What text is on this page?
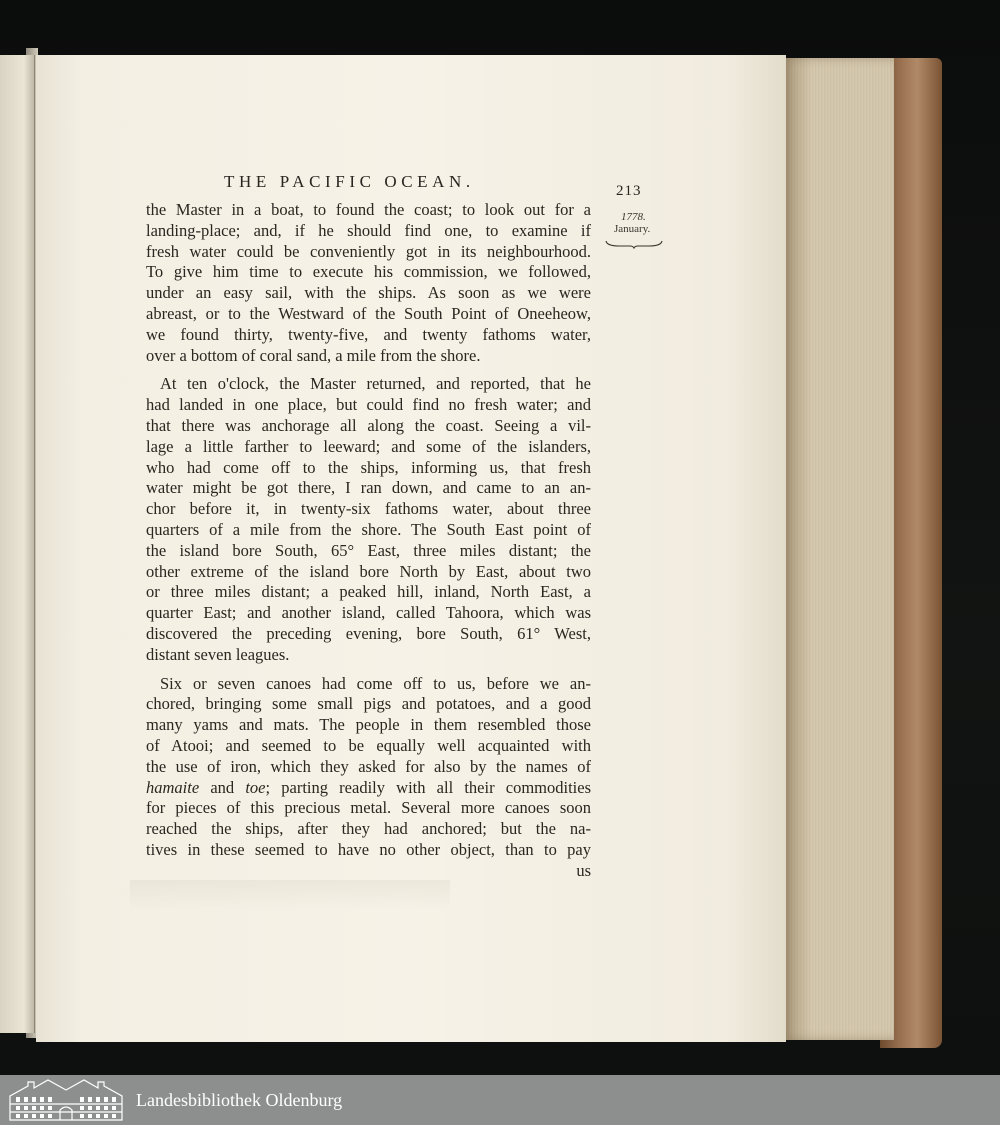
THE PACIFIC OCEAN.	213
1778.
January.
the Master in a boat, to found the coast; to look out for a
landing-place; and, if he should find one, to examine if
fresh water could be conveniently got in its neighbourhood.
To give him time to execute his commission, we followed,
under an easy sail, with the ships. As soon as we were
abreast, or to the Westward of the South Point of Oneeheow,
we found thirty, twenty-five, and twenty fathoms water,
over a bottom of coral sand, a mile from the shore.
At ten o'clock, the Master returned, and reported, that he
had landed in one place, but could find no fresh water; and
that there was anchorage all along the coast. Seeing a vil-
lage a little farther to leeward; and some of the islanders,
who had come off to the ships, informing us, that fresh
water might be got there, I ran down, and came to an an-
chor before it, in twenty-six fathoms water, about three
quarters of a mile from the shore. The South East point of
the island bore South, 65° East, three miles distant; the
other extreme of the island bore North by East, about two
or three miles distant; a peaked hill, inland, North East, a
quarter East; and another island, called Tahoora, which was
discovered the preceding evening, bore South, 61° West,
distant seven leagues.
Six or seven canoes had come off to us, before we an-
chored, bringing some small pigs and potatoes, and a good
many yams and mats. The people in them resembled those
of Atooi; and seemed to be equally well acquainted with
the use of iron, which they asked for also by the names of
hamaite and toe; parting readily with all their commodities
for pieces of this precious metal. Several more canoes soon
reached the ships, after they had anchored; but the na-
tives in these seemed to have no other object, than to pay
us
Landesbibliothek Oldenburg
